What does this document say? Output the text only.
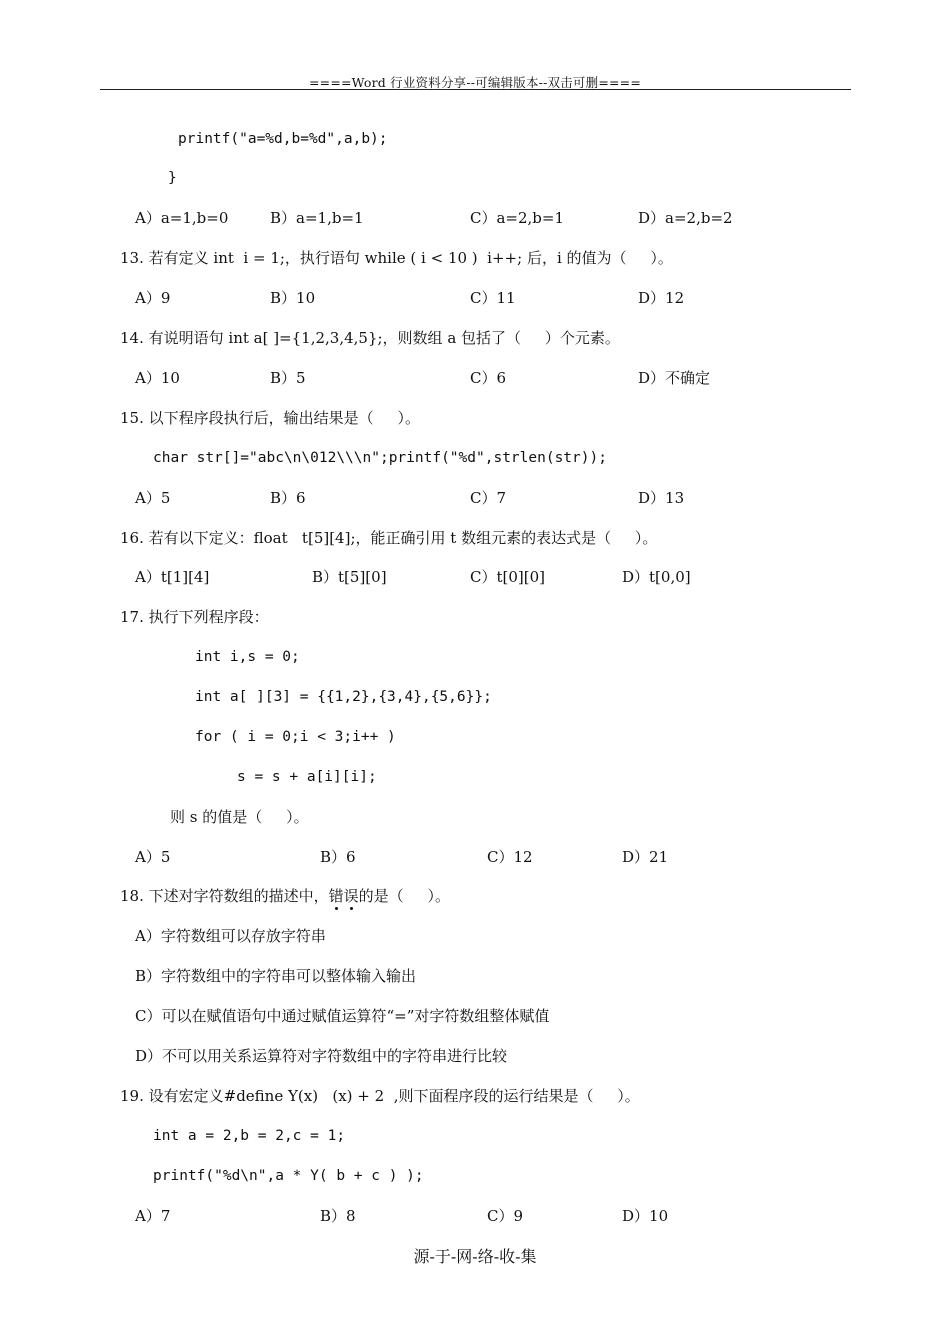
====Word 行业资料分享--可编辑版本--双击可删====
printf("a=%d,b=%d",a,b);
}
A）a=1,b=0	B）a=1,b=1	C）a=2,b=1	D）a=2,b=2
13. 若有定义 int  i = 1;，执行语句 while ( i < 10 )  i++; 后，i 的值为（     ）。
A）9	B）10	C）11	D）12
14. 有说明语句 int a[ ]={1,2,3,4,5};，则数组 a 包括了（     ）个元素。
A）10	B）5	C）6	D）不确定
15. 以下程序段执行后，输出结果是（     ）。
char str[]="abc\n\012\\\n";printf("%d",strlen(str));
A）5	B）6	C）7	D）13
16. 若有以下定义：float   t[5][4];，能正确引用 t 数组元素的表达式是（     ）。
A）t[1][4]	B）t[5][0]	C）t[0][0]	D）t[0,0]
17. 执行下列程序段：
int i,s = 0;
int a[ ][3] = {{1,2},{3,4},{5,6}};
for ( i = 0;i < 3;i++ )
s = s + a[i][i];
则 s 的值是（     ）。
A）5	B）6	C）12	D）21
18. 下述对字符数组的描述中，错误的是（     ）。
A）字符数组可以存放字符串
B）字符数组中的字符串可以整体输入输出
C）可以在赋值语句中通过赋值运算符“=”对字符数组整体赋值
D）不可以用关系运算符对字符数组中的字符串进行比较
19. 设有宏定义#define Y(x)   (x) + 2  ,则下面程序段的运行结果是（     ）。
int a = 2,b = 2,c = 1;
printf("%d\n",a * Y( b + c ) );
A）7	B）8	C）9	D）10
源-于-网-络-收-集
